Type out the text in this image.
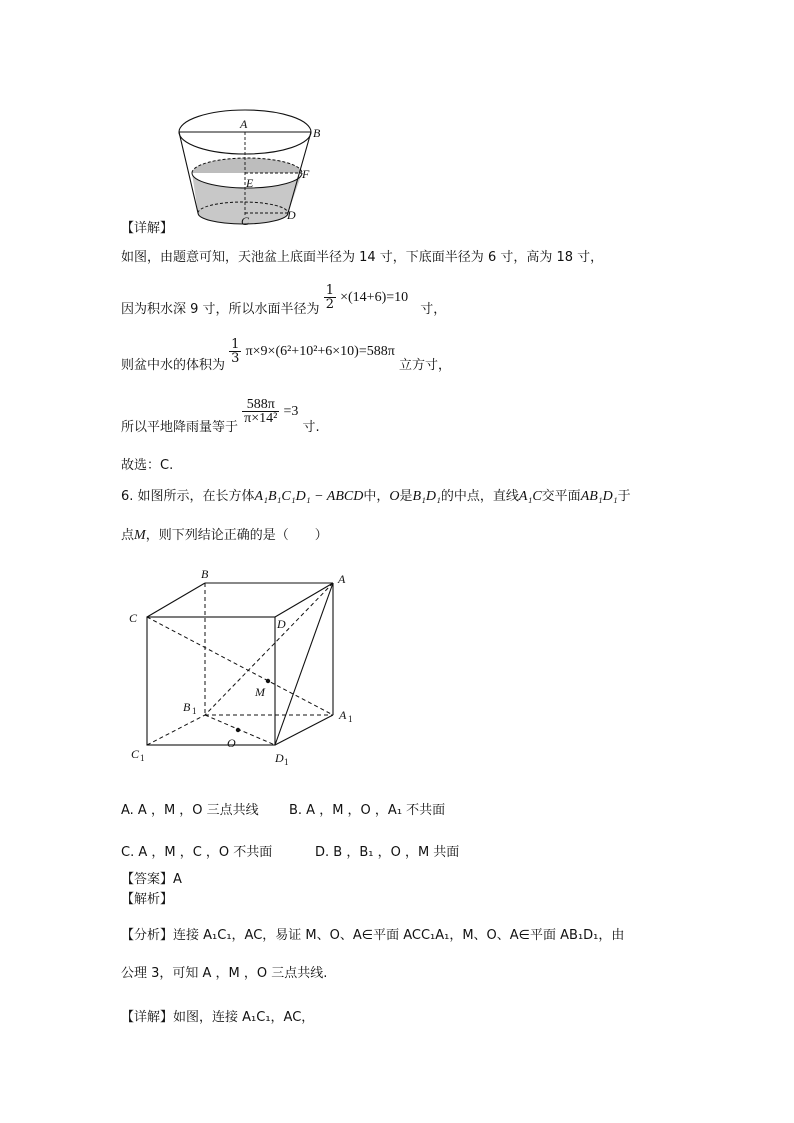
A
B
E
F
C	D
【详解】
如图，由题意可知，天池盆上底面半径为 14 寸，下底面半径为 6 寸，高为 18 寸，
因为积水深 9 寸，所以水面半径为 $\frac{1}{2} \times(14+6)=10$ 寸，
则盆中水的体积为
$\frac{1}{3} \pi\times 9\times(6^2+10^2+6\times 10)=588\pi$ 立方寸，
所以平地降雨量等于
$\frac{588\pi}{\text{π×14²}} =3$ 寸.
故选：C.
6. 如图所示，在长方体A₁B₁C₁D₁ − ABCD中，O是B₁D₁的中点，直线A₁C交平面AB₁D₁于
点M，则下列结论正确的是（　　）
B	A
C	D
M
B 1	A 1
O
C 1	D 1
A. A ，M ，O 三点共线 B. A ，M ，O ，A₁ 不共面
C. A ，M ，C ，O 不共面	D. B ，B₁ ，O ，M 共面
【答案】A
【解析】
【分析】连接 A₁C₁，AC，易证 M、O、A∈平面 ACC₁A₁，M、O、A∈平面 AB₁D₁，由
公理 3，可知 A ，M ，O 三点共线.
【详解】如图，连接 A₁C₁，AC，
